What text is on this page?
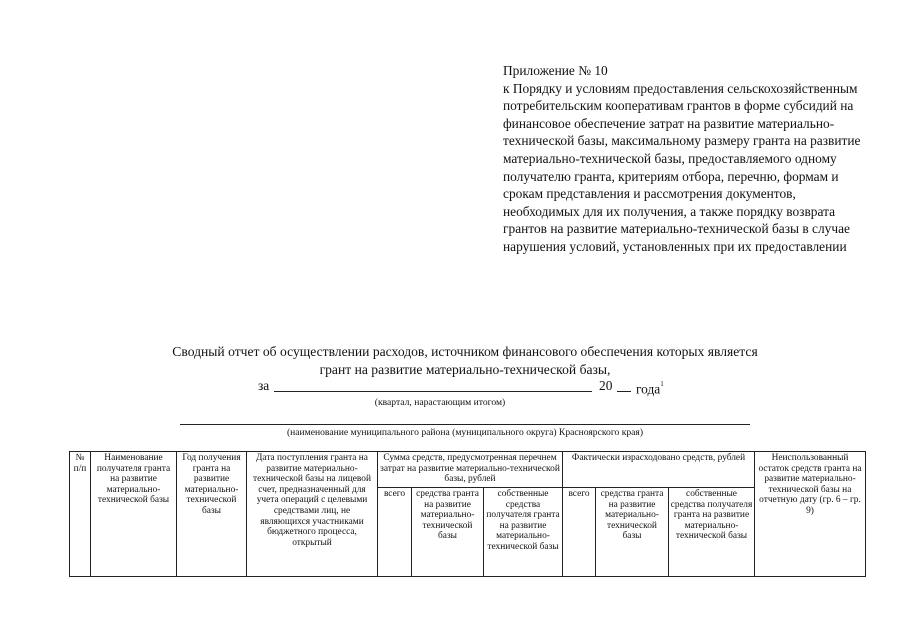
Приложение № 10
к Порядку и условиям предоставления сельскохозяйственным потребительским кооперативам грантов в форме субсидий на финансовое обеспечение затрат на развитие материально-технической базы, максимальному размеру гранта на развитие материально-технической базы, предоставляемого одному получателю гранта, критериям отбора, перечню, формам и срокам представления и рассмотрения документов, необходимых для их получения, а также порядку возврата грантов на развитие материально-технической базы в случае нарушения условий, установленных при их предоставлении
Сводный отчет об осуществлении расходов, источником финансового обеспечения которых является
грант на развитие материально-технической базы,
за	20 года$^1$
(квартал, нарастающим итогом)
(наименование муниципального района (муниципального округа) Красноярского края)
№ п/п	Наименование получателя гранта на развитие материально-технической базы	Год получения гранта на развитие материально-технической базы	Дата поступления гранта на развитие материально-технической базы на лицевой счет, предназначенный для учета операций с целевыми средствами лиц, не являющихся участниками бюджетного процесса, открытый	Сумма средств, предусмотренная перечнем затрат на развитие материально-технической базы, рублей			Фактически израсходовано средств, рублей			Неиспользованный остаток средств гранта на развитие материально-технической базы на отчетную дату (гр. 6 – гр. 9)
				всего	средства гранта на развитие материально-технической базы	собственные средства получателя гранта на развитие материально-технической базы	всего	средства гранта на развитие материально-технической базы	собственные средства получателя гранта на развитие материально-технической базы	
